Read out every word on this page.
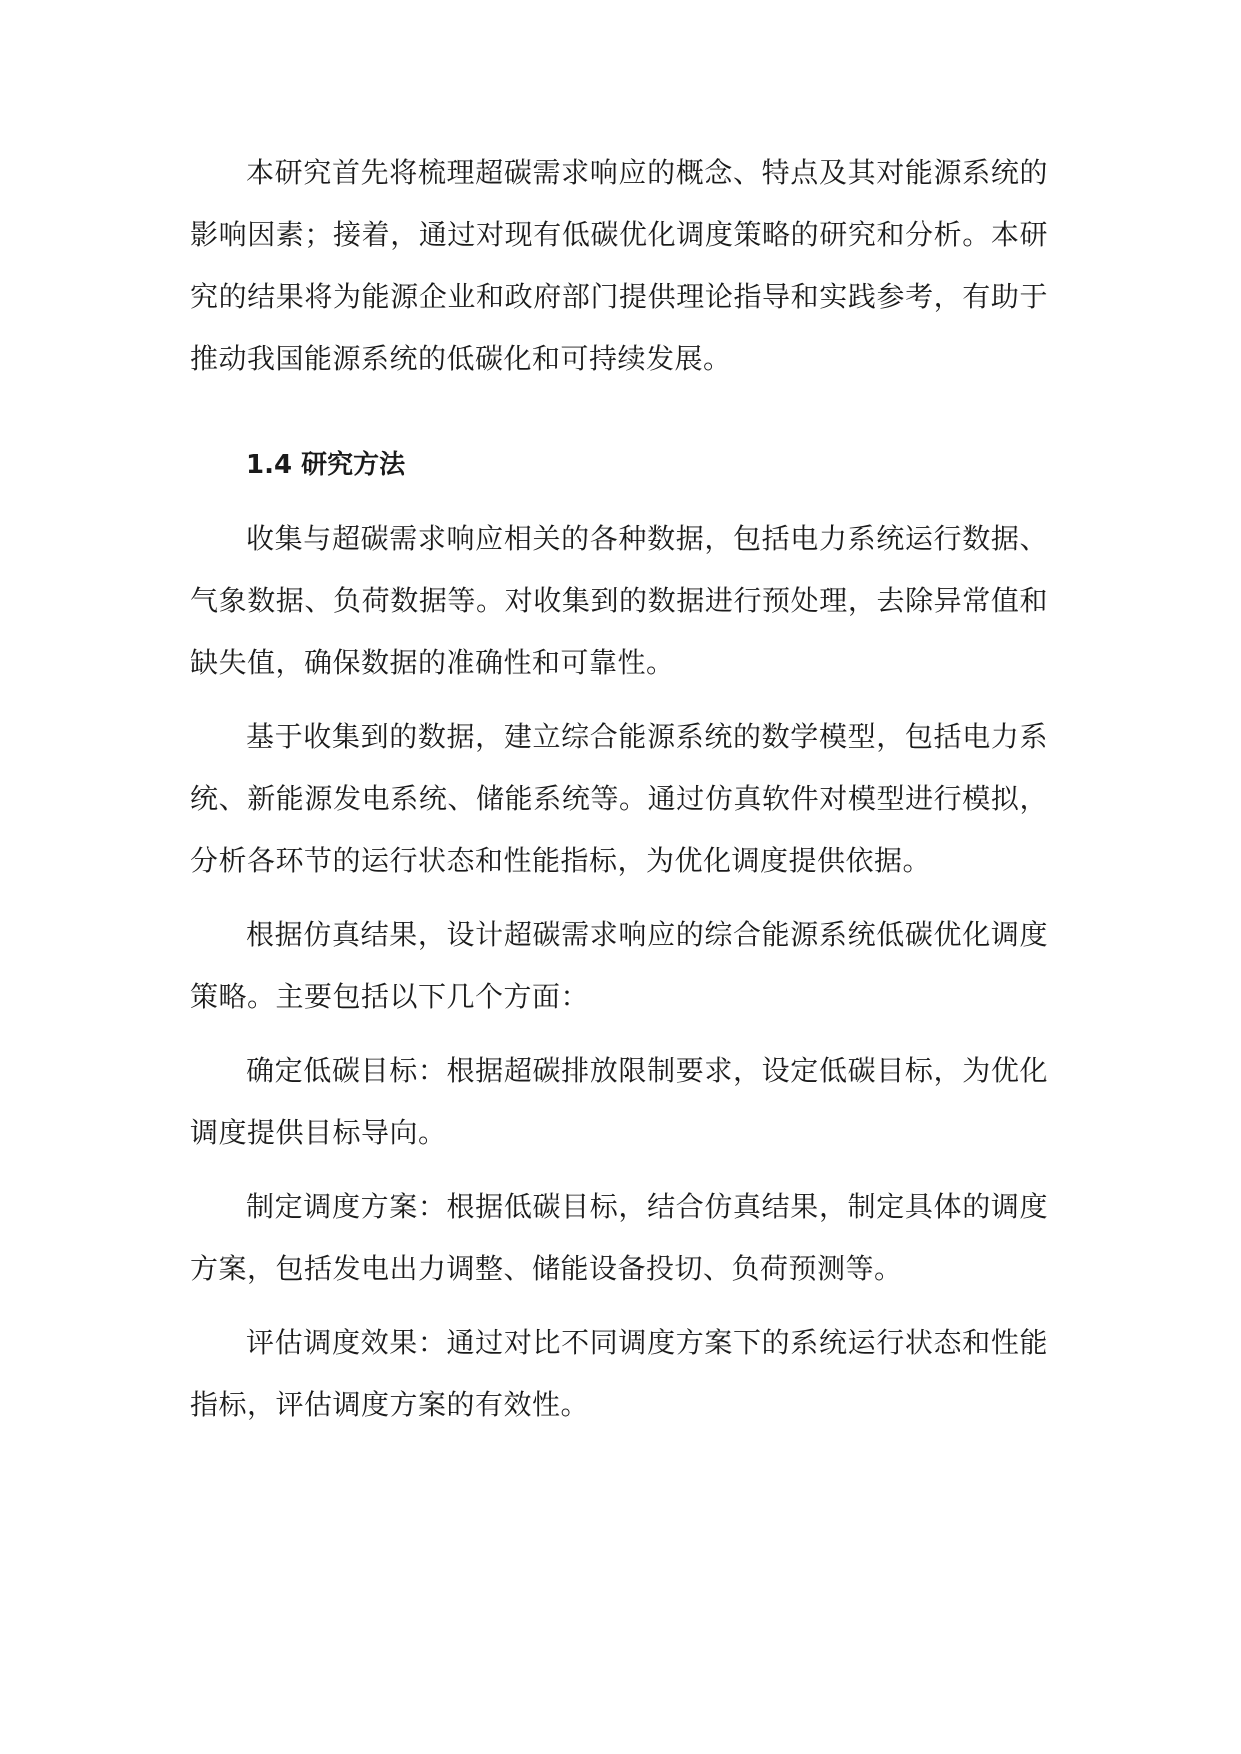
本研究首先将梳理超碳需求响应的概念、特点及其对能源系统的影响因素；接着，通过对现有低碳优化调度策略的研究和分析。本研究的结果将为能源企业和政府部门提供理论指导和实践参考，有助于推动我国能源系统的低碳化和可持续发展。

1.4 研究方法

收集与超碳需求响应相关的各种数据，包括电力系统运行数据、气象数据、负荷数据等。对收集到的数据进行预处理，去除异常值和缺失值，确保数据的准确性和可靠性。

基于收集到的数据，建立综合能源系统的数学模型，包括电力系统、新能源发电系统、储能系统等。通过仿真软件对模型进行模拟，分析各环节的运行状态和性能指标，为优化调度提供依据。

根据仿真结果，设计超碳需求响应的综合能源系统低碳优化调度策略。主要包括以下几个方面：

确定低碳目标：根据超碳排放限制要求，设定低碳目标，为优化调度提供目标导向。

制定调度方案：根据低碳目标，结合仿真结果，制定具体的调度方案，包括发电出力调整、储能设备投切、负荷预测等。

评估调度效果：通过对比不同调度方案下的系统运行状态和性能指标，评估调度方案的有效性。
